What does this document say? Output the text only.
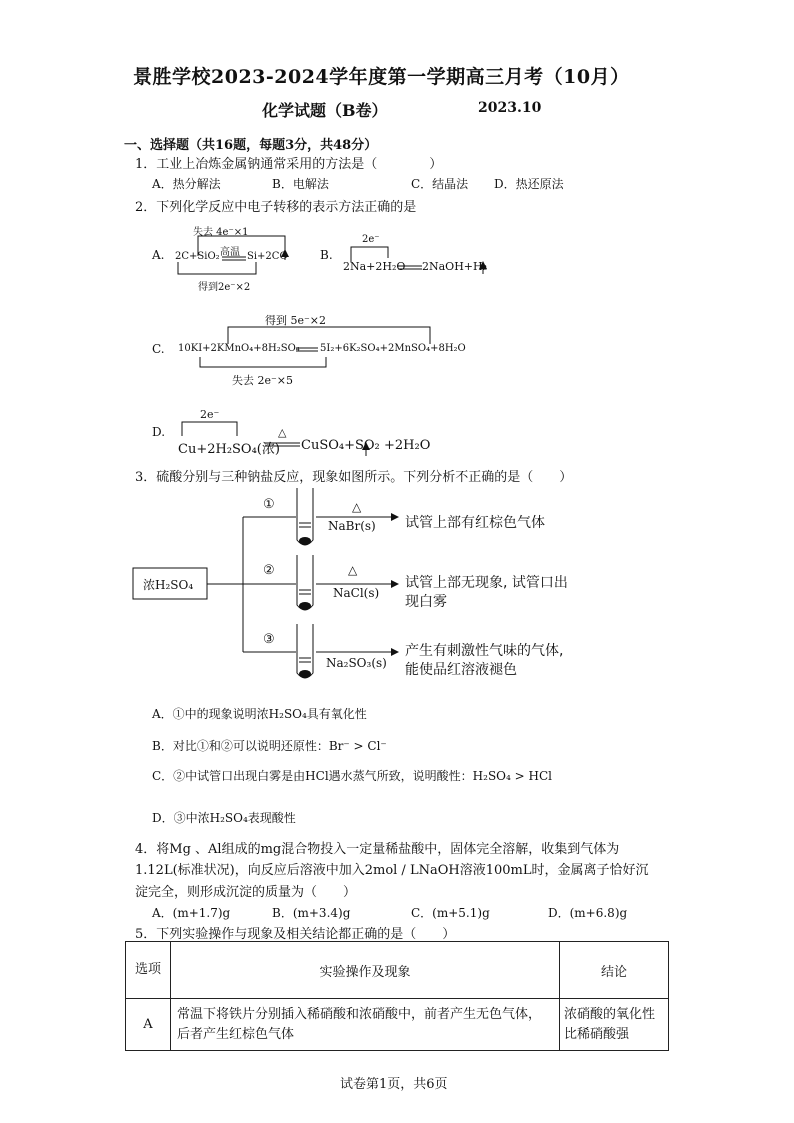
景胜学校2023-2024学年度第一学期高三月考（10月）
化学试题（B卷）	2023.10
一、选择题（共16题，每题3分，共48分）
1．工业上冶炼金属钠通常采用的方法是（　　　　）
A．热分解法	B．电解法	C．结晶法 D．热还原法
2．下列化学反应中电子转移的表示方法正确的是
A.
失去 4e⁻×1
高温
2C+SiO₂	Si+2CO
得到2e⁻×2
B.
2e⁻
2Na+2H₂O 2NaOH+H₂
C.
得到 5e⁻×2
10KI+2KMnO₄+8H₂SO₄ 5I₂+6K₂SO₄+2MnSO₄+8H₂O
失去 2e⁻×5
D.
2e⁻
Cu+2H₂SO₄(浓)
△
CuSO₄+SO₂ +2H₂O
3．硫酸分别与三种钠盐反应，现象如图所示。下列分析不正确的是（　　）
浓H₂SO₄
①	△
NaBr(s) 试管上部有红棕色气体
②	△
NaCl(s)
试管上部无现象, 试管口出
现白雾
③
Na₂SO₃(s)
产生有刺激性气味的气体,
能使品红溶液褪色
A．①中的现象说明浓H₂SO₄具有氧化性
B．对比①和②可以说明还原性：Br⁻ > Cl⁻
C．②中试管口出现白雾是由HCl遇水蒸气所致，说明酸性：H₂SO₄ > HCl
D．③中浓H₂SO₄表现酸性
4．将Mg 、Al组成的mg混合物投入一定量稀盐酸中，固体完全溶解，收集到气体为
1.12L(标准状况)，向反应后溶液中加入2mol / LNaOH溶液100mL时，金属离子恰好沉
淀完全，则形成沉淀的质量为（　　）
A．(m+1.7)g	B．(m+3.4)g	C．(m+5.1)g	D．(m+6.8)g
5．下列实验操作与现象及相关结论都正确的是（　　）
选项	实验操作及现象	结论
A	常温下将铁片分别插入稀硝酸和浓硝酸中，前者产生无色气体，后者产生红棕色气体	浓硝酸的氧化性比稀硝酸强
试卷第1页，共6页
